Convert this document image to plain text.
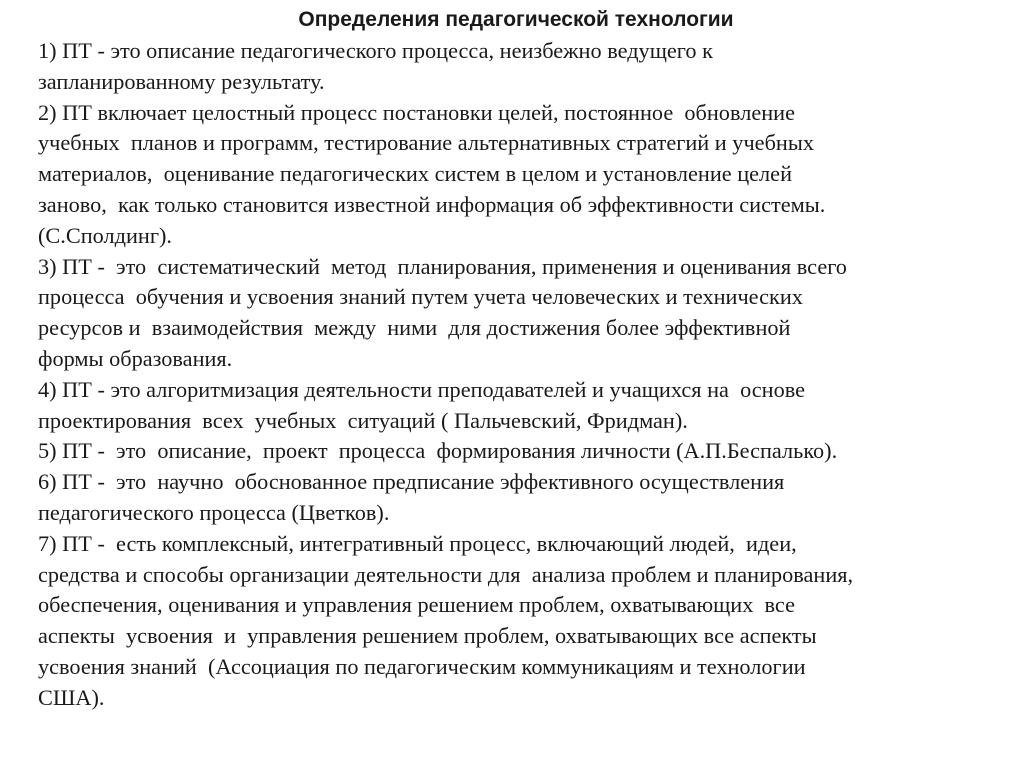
Определения педагогической технологии
1) ПТ - это описание педагогического процесса, неизбежно ведущего к
запланированному результату.
2) ПТ включает целостный процесс постановки целей, постоянное  обновление
учебных  планов и программ, тестирование альтернативных стратегий и учебных
материалов,  оценивание педагогических систем в целом и установление целей
заново,  как только становится известной информация об эффективности системы.
(С.Сполдинг).
3) ПТ -  это  систематический  метод  планирования, применения и оценивания всего
процесса  обучения и усвоения знаний путем учета человеческих и технических
ресурсов и  взаимодействия  между  ними  для достижения более эффективной
формы образования.
4) ПТ - это алгоритмизация деятельности преподавателей и учащихся на  основе
проектирования  всех  учебных  ситуаций ( Пальчевский, Фридман).
5) ПТ -  это  описание,  проект  процесса  формирования личности (А.П.Беспалько).
6) ПТ -  это  научно  обоснованное предписание эффективного осуществления
педагогического процесса (Цветков).
7) ПТ -  есть комплексный, интегративный процесс, включающий людей,  идеи,
средства и способы организации деятельности для  анализа проблем и планирования,
обеспечения, оценивания и управления решением проблем, охватывающих  все
аспекты  усвоения  и  управления решением проблем, охватывающих все аспекты
усвоения знаний  (Ассоциация по педагогическим коммуникациям и технологии
США).
